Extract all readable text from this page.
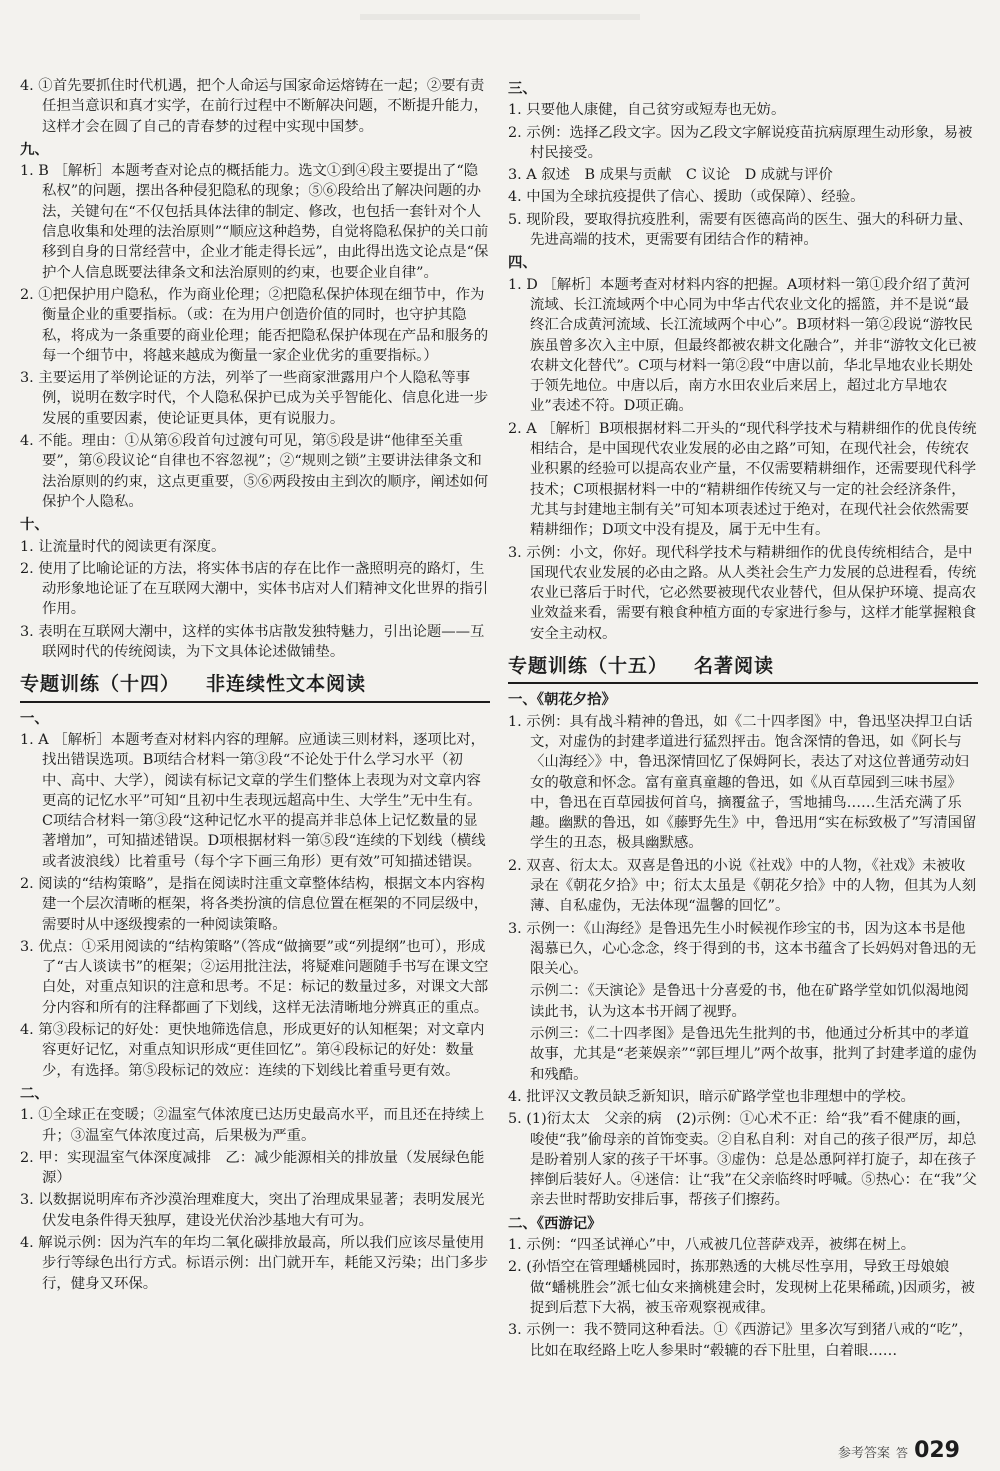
4. ①首先要抓住时代机遇，把个人命运与国家命运熔铸在一起；②要有责任担当意识和真才实学，在前行过程中不断解决问题，不断提升能力，这样才会在圆了自己的青春梦的过程中实现中国梦。
九、
1. B ［解析］本题考查对论点的概括能力。选文①到④段主要提出了“隐私权”的问题，摆出各种侵犯隐私的现象；⑤⑥段给出了解决问题的办法，关键句在“不仅包括具体法律的制定、修改，也包括一套针对个人信息收集和处理的法治原则”“顺应这种趋势，自觉将隐私保护的关口前移到自身的日常经营中，企业才能走得长远”，由此得出选文论点是“保护个人信息既要法律条文和法治原则的约束，也要企业自律”。
2. ①把保护用户隐私，作为商业伦理；②把隐私保护体现在细节中，作为衡量企业的重要指标。（或：在为用户创造价值的同时，也守护其隐私，将成为一条重要的商业伦理；能否把隐私保护体现在产品和服务的每一个细节中，将越来越成为衡量一家企业优劣的重要指标。）
3. 主要运用了举例论证的方法，列举了一些商家泄露用户个人隐私等事例，说明在数字时代，个人隐私保护已成为关乎智能化、信息化进一步发展的重要因素，使论证更具体，更有说服力。
4. 不能。理由：①从第⑥段首句过渡句可见，第⑤段是讲“他律至关重要”，第⑥段议论“自律也不容忽视”；②“规则之锁”主要讲法律条文和法治原则的约束，这点更重要，⑤⑥两段按由主到次的顺序，阐述如何保护个人隐私。
十、
1. 让流量时代的阅读更有深度。
2. 使用了比喻论证的方法，将实体书店的存在比作一盏照明亮的路灯，生动形象地论证了在互联网大潮中，实体书店对人们精神文化世界的指引作用。
3. 表明在互联网大潮中，这样的实体书店散发独特魅力，引出论题——互联网时代的传统阅读，为下文具体论述做铺垫。
专题训练（十四） 非连续性文本阅读
一、
1. A ［解析］本题考查对材料内容的理解。应通读三则材料，逐项比对，找出错误选项。B项结合材料一第③段“不论处于什么学习水平（初中、高中、大学），阅读有标记文章的学生们整体上表现为对文章内容更高的记忆水平”可知“且初中生表现远超高中生、大学生”无中生有。C项结合材料一第③段“这种记忆水平的提高并非总体上记忆数量的显著增加”，可知描述错误。D项根据材料一第⑤段“连续的下划线（横线或者波浪线）比着重号（每个字下画三角形）更有效”可知描述错误。
2. 阅读的“结构策略”，是指在阅读时注重文章整体结构，根据文本内容构建一个层次清晰的框架，将各类扮演的信息位置在框架的不同层级中，需要时从中逐级搜索的一种阅读策略。
3. 优点：①采用阅读的“结构策略”（答成“做摘要”或“列提纲”也可），形成了“古人谈读书”的框架；②运用批注法，将疑难问题随手书写在课文空白处，对重点知识的注意和思考。不足：标记的数量过多，对课文大部分内容和所有的注释都画了下划线，这样无法清晰地分辨真正的重点。
4. 第③段标记的好处：更快地筛选信息，形成更好的认知框架；对文章内容更好记忆，对重点知识形成“更佳回忆”。第④段标记的好处：数量少，有选择。第⑤段标记的效应：连续的下划线比着重号更有效。
二、
1. ①全球正在变暖；②温室气体浓度已达历史最高水平，而且还在持续上升；③温室气体浓度过高，后果极为严重。
2. 甲：实现温室气体深度减排　乙：减少能源相关的排放量（发展绿色能源）
3. 以数据说明库布齐沙漠治理难度大，突出了治理成果显著；表明发展光伏发电条件得天独厚，建设光伏治沙基地大有可为。
4. 解说示例：因为汽车的年均二氧化碳排放最高，所以我们应该尽量使用步行等绿色出行方式。标语示例：出门就开车，耗能又污染；出门多步行，健身又环保。
三、
1. 只要他人康健，自己贫穷或短寿也无妨。
2. 示例：选择乙段文字。因为乙段文字解说疫苗抗病原理生动形象，易被村民接受。
3. A 叙述　B 成果与贡献　C 议论　D 成就与评价
4. 中国为全球抗疫提供了信心、援助（或保障）、经验。
5. 现阶段，要取得抗疫胜利，需要有医德高尚的医生、强大的科研力量、先进高端的技术，更需要有团结合作的精神。
四、
1. D ［解析］本题考查对材料内容的把握。A项材料一第①段介绍了黄河流域、长江流域两个中心同为中华古代农业文化的摇篮，并不是说“最终汇合成黄河流域、长江流域两个中心”。B项材料一第②段说“游牧民族虽曾多次入主中原，但最终都被农耕文化融合”，并非“游牧文化已被农耕文化替代”。C项与材料一第②段“中唐以前，华北旱地农业长期处于领先地位。中唐以后，南方水田农业后来居上，超过北方旱地农业”表述不符。D项正确。
2. A ［解析］B项根据材料二开头的“现代科学技术与精耕细作的优良传统相结合，是中国现代农业发展的必由之路”可知，在现代社会，传统农业积累的经验可以提高农业产量，不仅需要精耕细作，还需要现代科学技术；C项根据材料一中的“精耕细作传统又与一定的社会经济条件，尤其与封建地主制有关”可知本项表述过于绝对，在现代社会依然需要精耕细作；D项文中没有提及，属于无中生有。
3. 示例：小文，你好。现代科学技术与精耕细作的优良传统相结合，是中国现代农业发展的必由之路。从人类社会生产力发展的总进程看，传统农业已落后于时代，它必然要被现代农业替代，但从保护环境、提高农业效益来看，需要有粮食种植方面的专家进行参与，这样才能掌握粮食安全主动权。
专题训练（十五） 名著阅读
一、《朝花夕拾》
1. 示例：具有战斗精神的鲁迅，如《二十四孝图》中，鲁迅坚决捍卫白话文，对虚伪的封建孝道进行猛烈抨击。饱含深情的鲁迅，如《阿长与〈山海经〉》中，鲁迅深情回忆了保姆阿长，表达了对这位普通劳动妇女的敬意和怀念。富有童真童趣的鲁迅，如《从百草园到三味书屋》中，鲁迅在百草园拔何首乌，摘覆盆子，雪地捕鸟……生活充满了乐趣。幽默的鲁迅，如《藤野先生》中，鲁迅用“实在标致极了”写清国留学生的丑态，极具幽默感。
2. 双喜、衍太太。双喜是鲁迅的小说《社戏》中的人物，《社戏》未被收录在《朝花夕拾》中；衍太太虽是《朝花夕拾》中的人物，但其为人刻薄、自私虚伪，无法体现“温馨的回忆”。
3. 示例一：《山海经》是鲁迅先生小时候视作珍宝的书，因为这本书是他渴慕已久，心心念念，终于得到的书，这本书蕴含了长妈妈对鲁迅的无限关心。
示例二：《天演论》是鲁迅十分喜爱的书，他在矿路学堂如饥似渴地阅读此书，认为这本书开阔了视野。
示例三：《二十四孝图》是鲁迅先生批判的书，他通过分析其中的孝道故事，尤其是“老莱娱亲”“郭巨埋儿”两个故事，批判了封建孝道的虚伪和残酷。
4. 批评汉文教员缺乏新知识，暗示矿路学堂也非理想中的学校。
5. (1)衍太太　父亲的病　(2)示例：①心术不正：给“我”看不健康的画，唆使“我”偷母亲的首饰变卖。②自私自利：对自己的孩子很严厉，却总是盼着别人家的孩子干坏事。③虚伪：总是怂恿阿祥打旋子，却在孩子摔倒后装好人。④迷信：让“我”在父亲临终时呼喊。⑤热心：在“我”父亲去世时帮助安排后事，帮孩子们擦药。
二、《西游记》
1. 示例：“四圣试禅心”中，八戒被几位菩萨戏弄，被绑在树上。
2. (孙悟空在管理蟠桃园时，拣那熟透的大桃尽性享用，导致王母娘娘做“蟠桃胜会”派七仙女来摘桃建会时，发现树上花果稀疏，)因顽劣，被捉到后惹下大祸，被玉帝观察视戒律。
3. 示例一：我不赞同这种看法。①《西游记》里多次写到猪八戒的“吃”，比如在取经路上吃人参果时“毂辘的吞下肚里，白着眼……
参考答案 答 029
